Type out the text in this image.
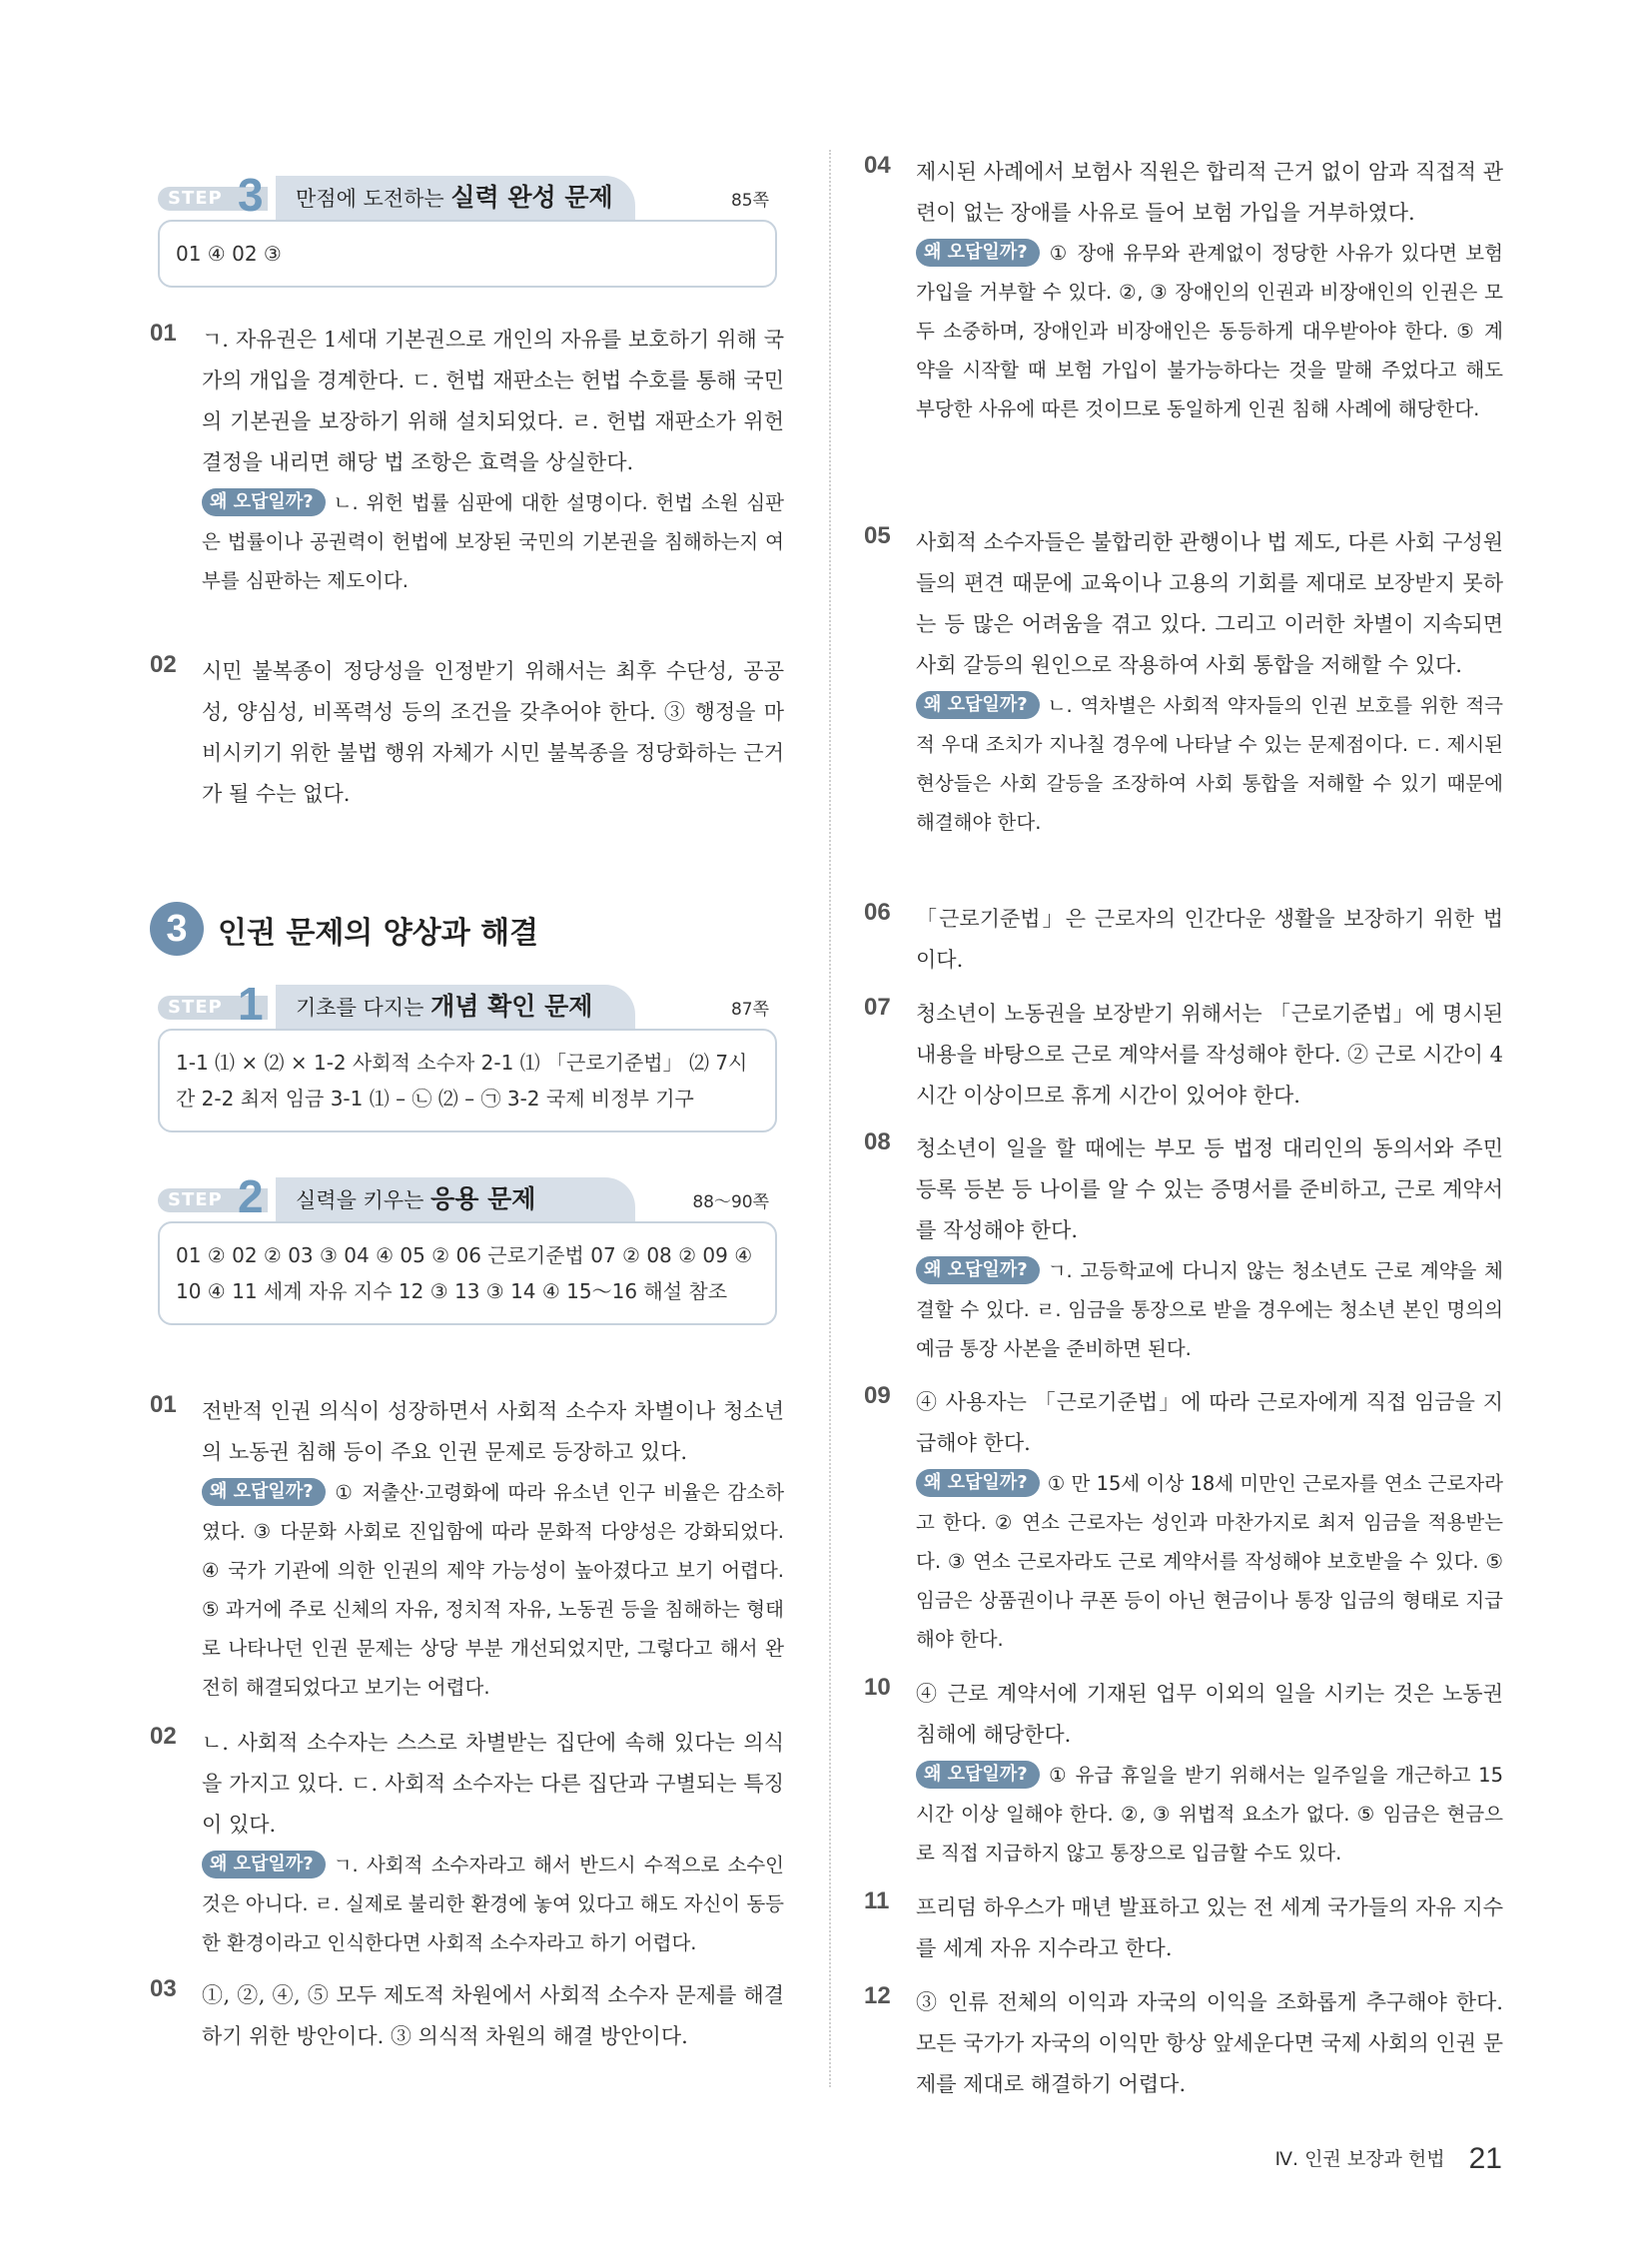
STEP 3	만점에 도전하는 실력 완성 문제	85쪽
01 ④ 02 ③
01 ㄱ. 자유권은 1세대 기본권으로 개인의 자유를 보호하기 위해 국가의 개입을 경계한다. ㄷ. 헌법 재판소는 헌법 수호를 통해 국민의 기본권을 보장하기 위해 설치되었다. ㄹ. 헌법 재판소가 위헌 결정을 내리면 해당 법 조항은 효력을 상실한다.
왜 오답일까? ㄴ. 위헌 법률 심판에 대한 설명이다. 헌법 소원 심판은 법률이나 공권력이 헌법에 보장된 국민의 기본권을 침해하는지 여부를 심판하는 제도이다.
02 시민 불복종이 정당성을 인정받기 위해서는 최후 수단성, 공공성, 양심성, 비폭력성 등의 조건을 갖추어야 한다. ③ 행정을 마비시키기 위한 불법 행위 자체가 시민 불복종을 정당화하는 근거가 될 수는 없다.
3	인권 문제의 양상과 해결
STEP 1	기초를 다지는 개념 확인 문제	87쪽
1-1 ⑴ × ⑵ × 1-2 사회적 소수자 2-1 ⑴ 「근로기준법」 ⑵ 7시간 2-2 최저 임금 3-1 ⑴ – ㉡ ⑵ – ㉠ 3-2 국제 비정부 기구
STEP 2	실력을 키우는 응용 문제	88～90쪽
01 ② 02 ② 03 ③ 04 ④ 05 ② 06 근로기준법 07 ② 08 ② 09 ④ 10 ④ 11 세계 자유 지수 12 ③ 13 ③ 14 ④ 15～16 해설 참조
01 전반적 인권 의식이 성장하면서 사회적 소수자 차별이나 청소년의 노동권 침해 등이 주요 인권 문제로 등장하고 있다.
왜 오답일까? ① 저출산·고령화에 따라 유소년 인구 비율은 감소하였다. ③ 다문화 사회로 진입함에 따라 문화적 다양성은 강화되었다. ④ 국가 기관에 의한 인권의 제약 가능성이 높아졌다고 보기 어렵다. ⑤ 과거에 주로 신체의 자유, 정치적 자유, 노동권 등을 침해하는 형태로 나타나던 인권 문제는 상당 부분 개선되었지만, 그렇다고 해서 완전히 해결되었다고 보기는 어렵다.
02 ㄴ. 사회적 소수자는 스스로 차별받는 집단에 속해 있다는 의식을 가지고 있다. ㄷ. 사회적 소수자는 다른 집단과 구별되는 특징이 있다.
왜 오답일까? ㄱ. 사회적 소수자라고 해서 반드시 수적으로 소수인 것은 아니다. ㄹ. 실제로 불리한 환경에 놓여 있다고 해도 자신이 동등한 환경이라고 인식한다면 사회적 소수자라고 하기 어렵다.
03 ①, ②, ④, ⑤ 모두 제도적 차원에서 사회적 소수자 문제를 해결하기 위한 방안이다. ③ 의식적 차원의 해결 방안이다.
04 제시된 사례에서 보험사 직원은 합리적 근거 없이 암과 직접적 관련이 없는 장애를 사유로 들어 보험 가입을 거부하였다.
왜 오답일까? ① 장애 유무와 관계없이 정당한 사유가 있다면 보험 가입을 거부할 수 있다. ②, ③ 장애인의 인권과 비장애인의 인권은 모두 소중하며, 장애인과 비장애인은 동등하게 대우받아야 한다. ⑤ 계약을 시작할 때 보험 가입이 불가능하다는 것을 말해 주었다고 해도 부당한 사유에 따른 것이므로 동일하게 인권 침해 사례에 해당한다.
05 사회적 소수자들은 불합리한 관행이나 법 제도, 다른 사회 구성원들의 편견 때문에 교육이나 고용의 기회를 제대로 보장받지 못하는 등 많은 어려움을 겪고 있다. 그리고 이러한 차별이 지속되면 사회 갈등의 원인으로 작용하여 사회 통합을 저해할 수 있다.
왜 오답일까? ㄴ. 역차별은 사회적 약자들의 인권 보호를 위한 적극적 우대 조치가 지나칠 경우에 나타날 수 있는 문제점이다. ㄷ. 제시된 현상들은 사회 갈등을 조장하여 사회 통합을 저해할 수 있기 때문에 해결해야 한다.
06 「근로기준법」은 근로자의 인간다운 생활을 보장하기 위한 법이다.
07 청소년이 노동권을 보장받기 위해서는 「근로기준법」에 명시된 내용을 바탕으로 근로 계약서를 작성해야 한다. ② 근로 시간이 4시간 이상이므로 휴게 시간이 있어야 한다.
08 청소년이 일을 할 때에는 부모 등 법정 대리인의 동의서와 주민 등록 등본 등 나이를 알 수 있는 증명서를 준비하고, 근로 계약서를 작성해야 한다.
왜 오답일까? ㄱ. 고등학교에 다니지 않는 청소년도 근로 계약을 체결할 수 있다. ㄹ. 임금을 통장으로 받을 경우에는 청소년 본인 명의의 예금 통장 사본을 준비하면 된다.
09 ④ 사용자는 「근로기준법」에 따라 근로자에게 직접 임금을 지급해야 한다.
왜 오답일까? ① 만 15세 이상 18세 미만인 근로자를 연소 근로자라고 한다. ② 연소 근로자는 성인과 마찬가지로 최저 임금을 적용받는다. ③ 연소 근로자라도 근로 계약서를 작성해야 보호받을 수 있다. ⑤ 임금은 상품권이나 쿠폰 등이 아닌 현금이나 통장 입금의 형태로 지급해야 한다.
10 ④ 근로 계약서에 기재된 업무 이외의 일을 시키는 것은 노동권 침해에 해당한다.
왜 오답일까? ① 유급 휴일을 받기 위해서는 일주일을 개근하고 15시간 이상 일해야 한다. ②, ③ 위법적 요소가 없다. ⑤ 임금은 현금으로 직접 지급하지 않고 통장으로 입금할 수도 있다.
11 프리덤 하우스가 매년 발표하고 있는 전 세계 국가들의 자유 지수를 세계 자유 지수라고 한다.
12 ③ 인류 전체의 이익과 자국의 이익을 조화롭게 추구해야 한다. 모든 국가가 자국의 이익만 항상 앞세운다면 국제 사회의 인권 문제를 제대로 해결하기 어렵다.
Ⅳ. 인권 보장과 헌법 21
